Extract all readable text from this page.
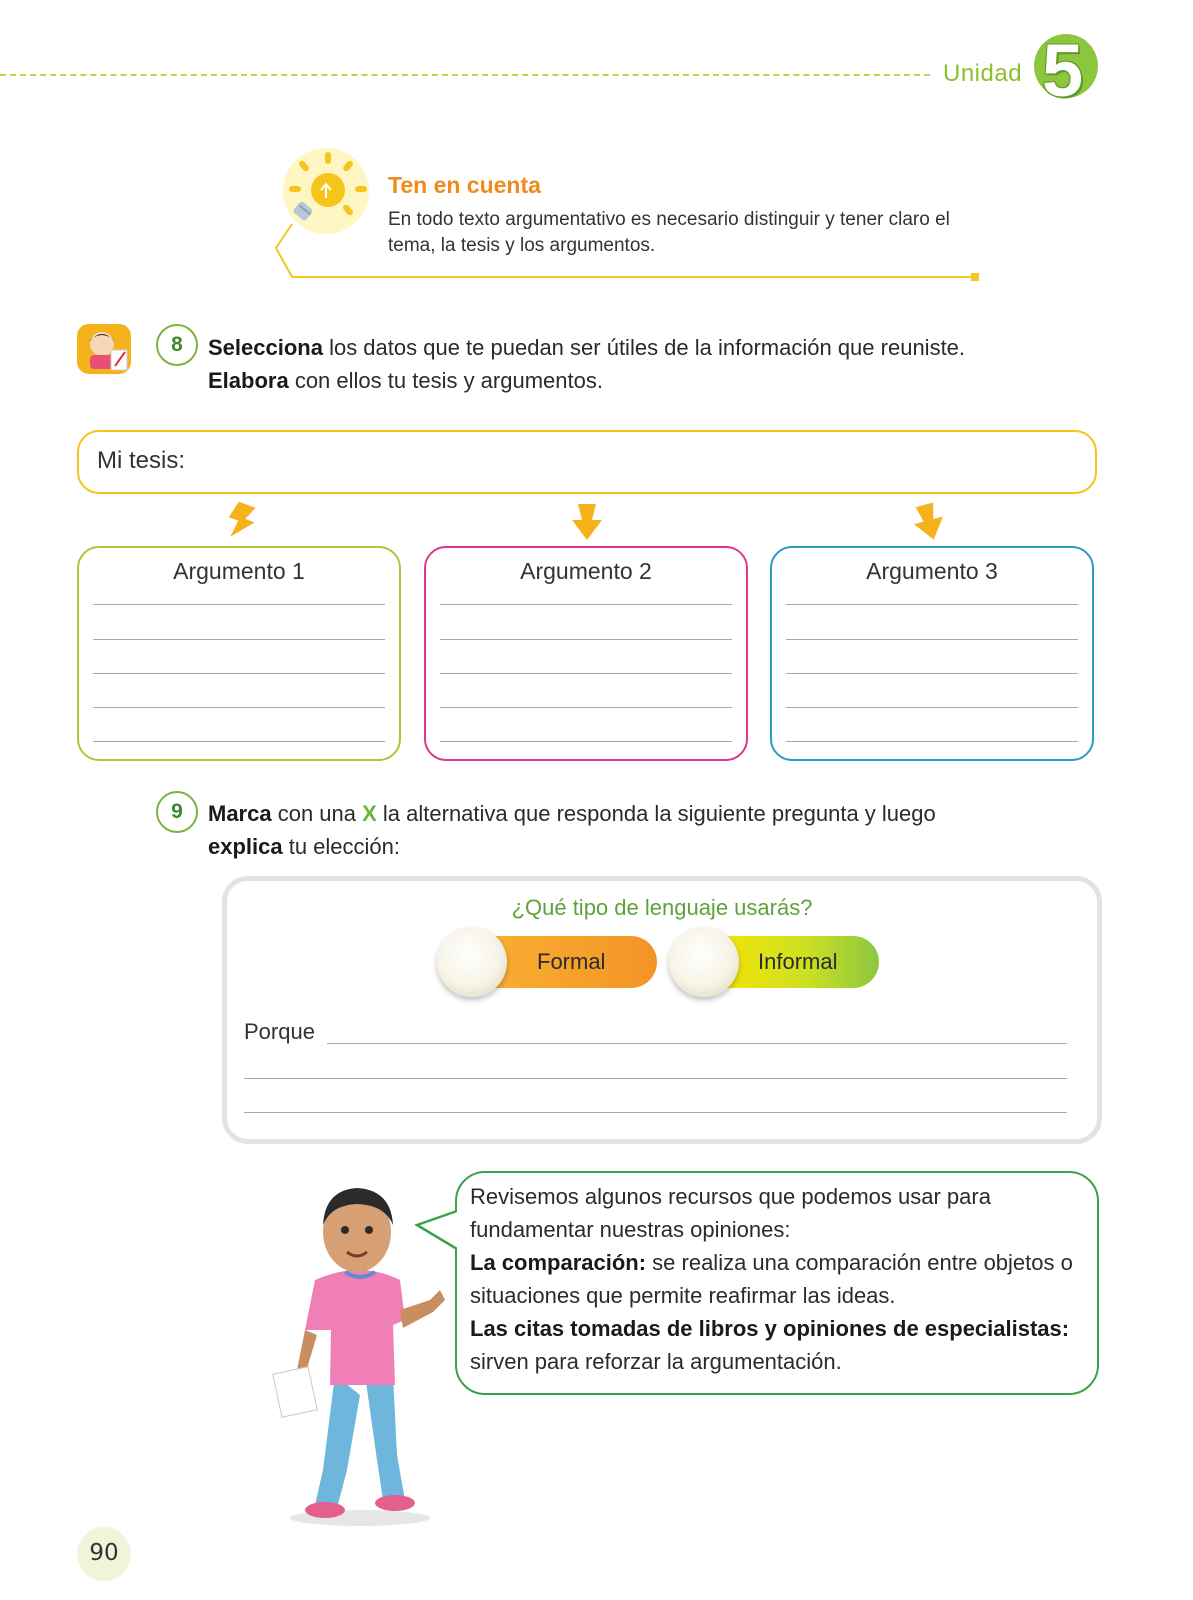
Unidad 5
Ten en cuenta
En todo texto argumentativo es necesario distinguir y tener claro el tema, la tesis y los argumentos.
8	Selecciona los datos que te puedan ser útiles de la información que reuniste.
Elabora con ellos tu tesis y argumentos.
Mi tesis:
Argumento 1	Argumento 2	Argumento 3
9	Marca con una X la alternativa que responda la siguiente pregunta y luego
explica tu elección:
¿Qué tipo de lenguaje usarás?
Formal	Informal
Porque
Revisemos algunos recursos que podemos usar para fundamentar nuestras opiniones:
La comparación: se realiza una comparación entre objetos o situaciones que permite reafirmar las ideas.
Las citas tomadas de libros y opiniones de especialistas: sirven para reforzar la argumentación.
90
